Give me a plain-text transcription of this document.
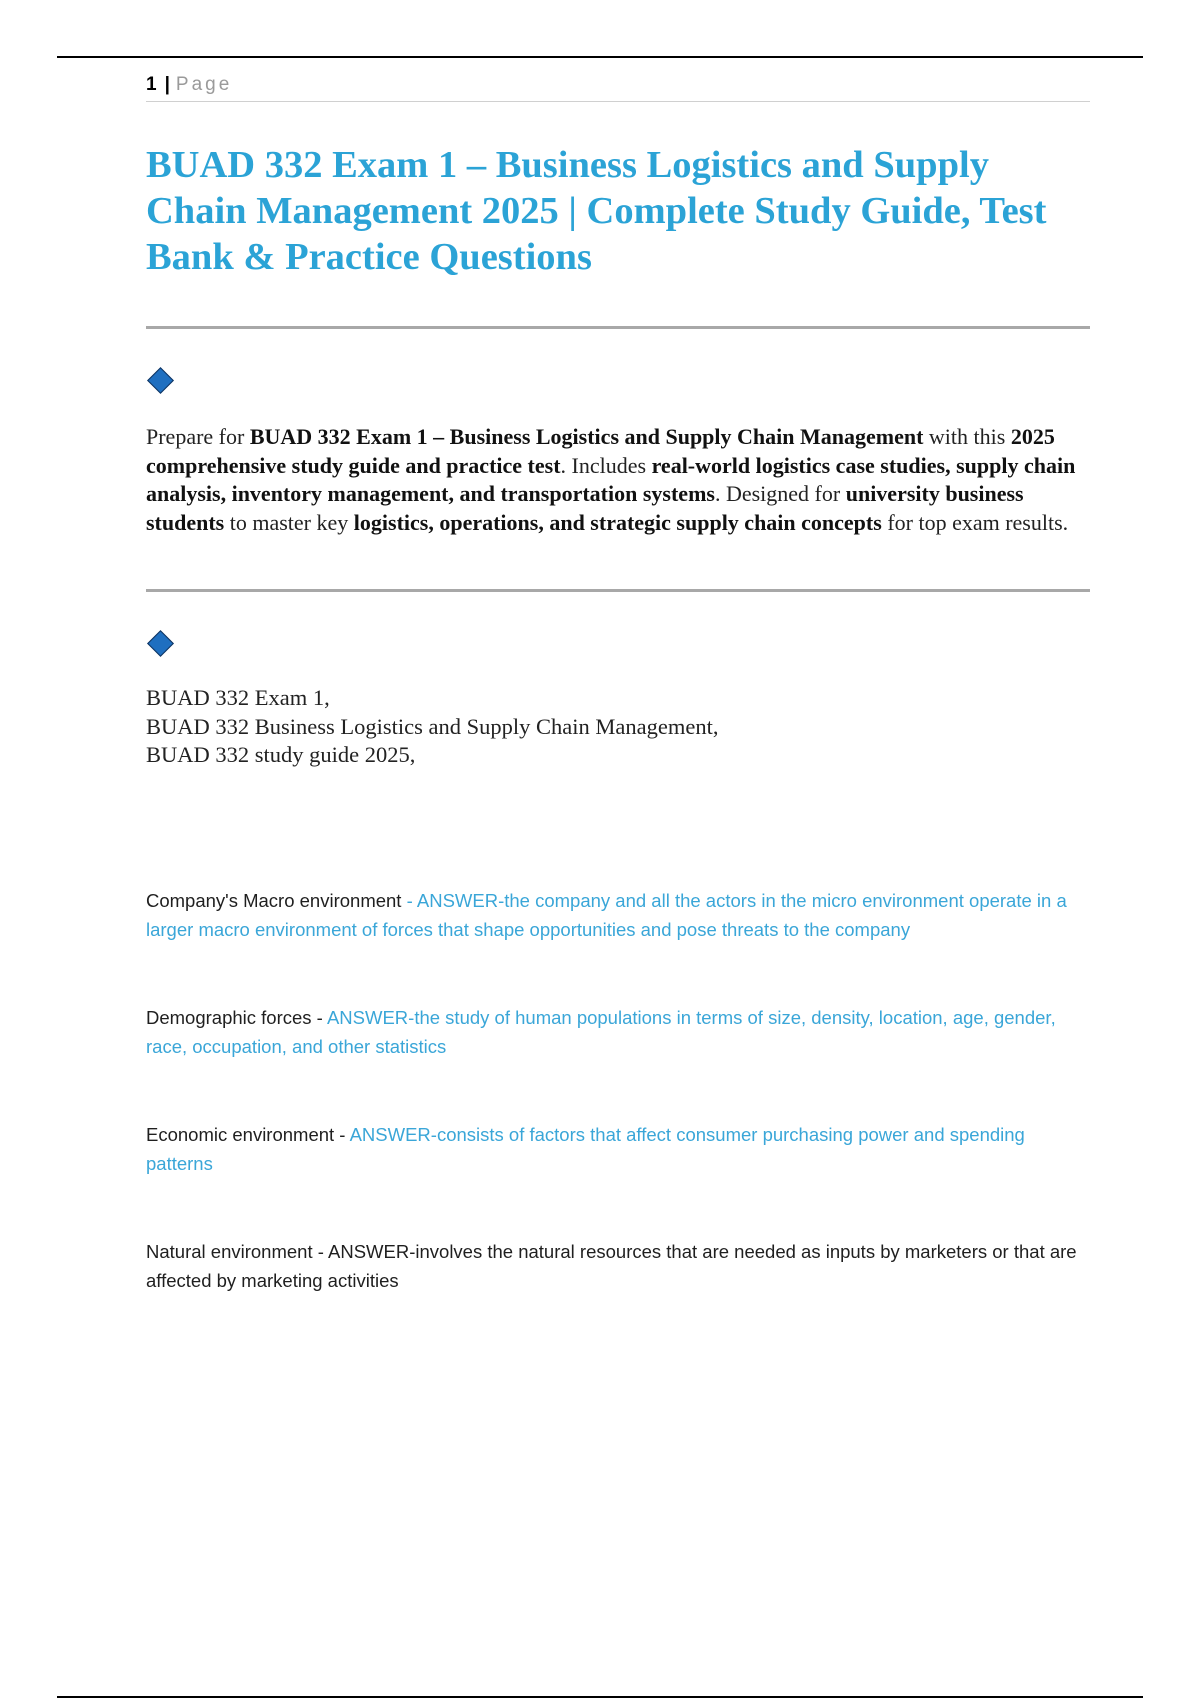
1 | Page
BUAD 332 Exam 1 – Business Logistics and Supply Chain Management 2025 | Complete Study Guide, Test Bank & Practice Questions

Prepare for BUAD 332 Exam 1 – Business Logistics and Supply Chain Management with this 2025 comprehensive study guide and practice test. Includes real-world logistics case studies, supply chain analysis, inventory management, and transportation systems. Designed for university business students to master key logistics, operations, and strategic supply chain concepts for top exam results.

BUAD 332 Exam 1,
BUAD 332 Business Logistics and Supply Chain Management,
BUAD 332 study guide 2025,
Company's Macro environment - ANSWER-the company and all the actors in the micro environment operate in a larger macro environment of forces that shape opportunities and pose threats to the company
Demographic forces - ANSWER-the study of human populations in terms of size, density, location, age, gender, race, occupation, and other statistics
Economic environment - ANSWER-consists of factors that affect consumer purchasing power and spending patterns
Natural environment - ANSWER-involves the natural resources that are needed as inputs by marketers or that are affected by marketing activities
